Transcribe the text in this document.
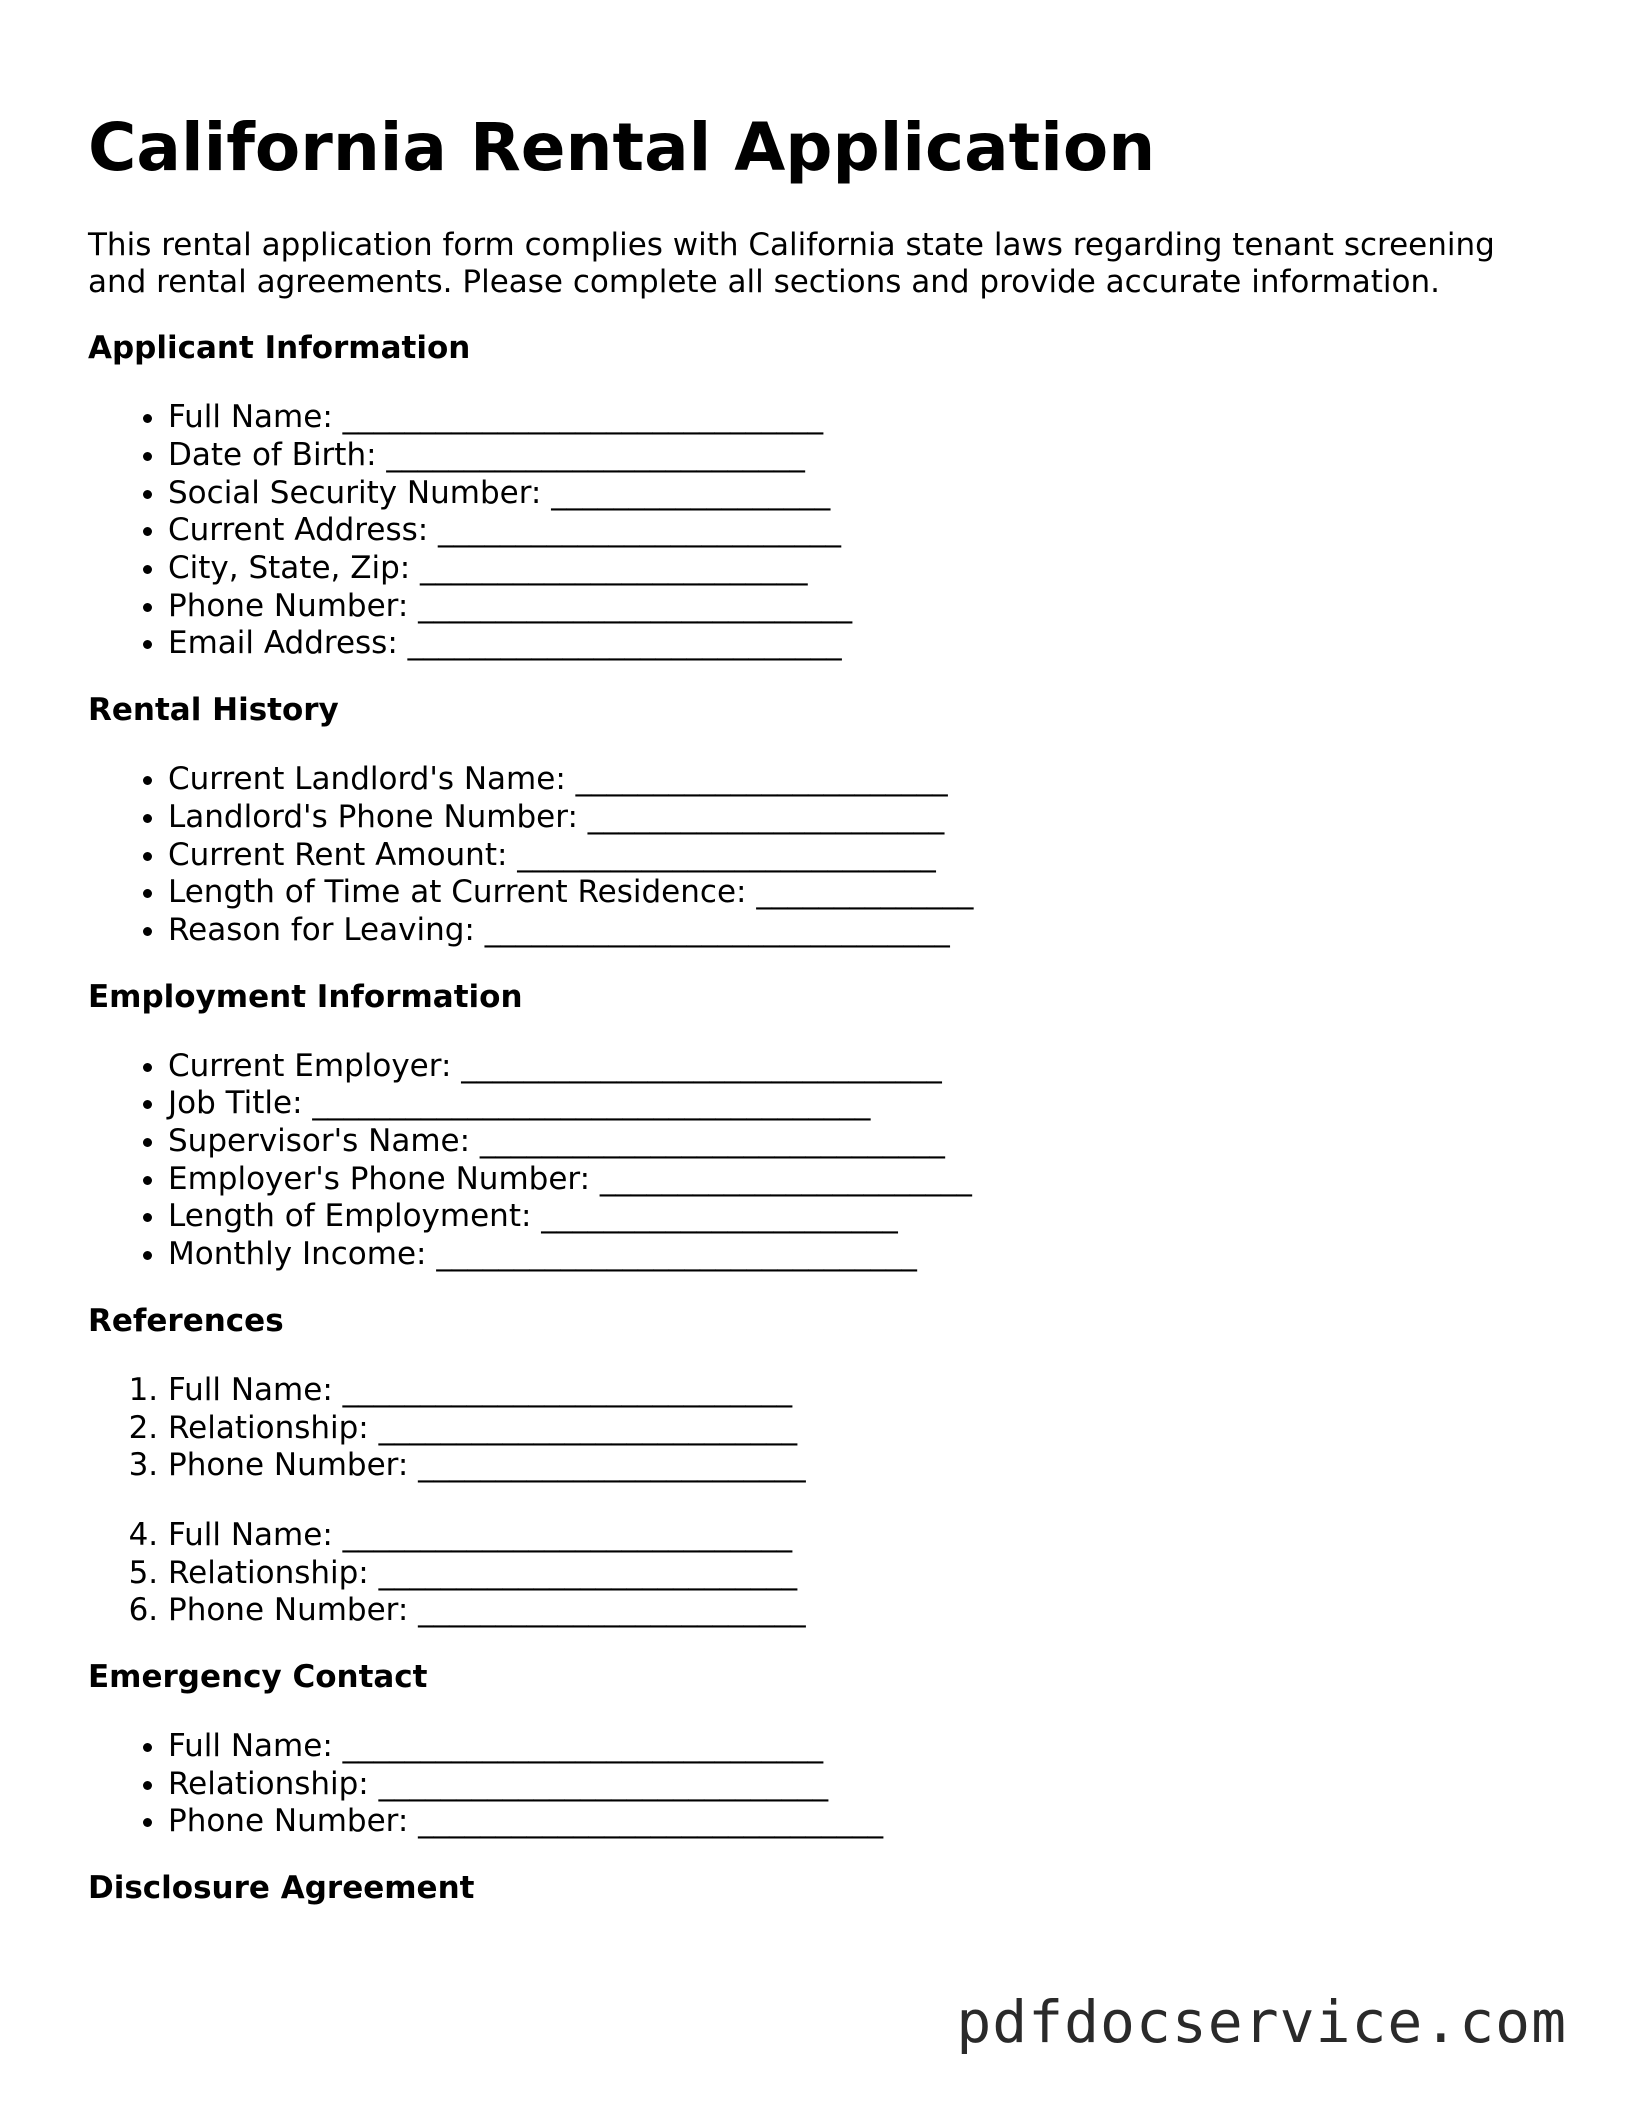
California Rental Application

This rental application form complies with California state laws regarding tenant screening and rental agreements. Please complete all sections and provide accurate information.

Applicant Information
• Full Name: _______________________________
• Date of Birth: ___________________________
• Social Security Number: __________________
• Current Address: __________________________
• City, State, Zip: _________________________
• Phone Number: ____________________________
• Email Address: ____________________________
Rental History
• Current Landlord's Name: ________________________
• Landlord's Phone Number: _______________________
• Current Rent Amount: ___________________________
• Length of Time at Current Residence: ______________
• Reason for Leaving: ______________________________
Employment Information
• Current Employer: _______________________________
• Job Title: ____________________________________
• Supervisor's Name: ______________________________
• Employer's Phone Number: ________________________
• Length of Employment: _______________________
• Monthly Income: _______________________________
References
1. Full Name: _____________________________
2. Relationship: ___________________________
3. Phone Number: _________________________
4. Full Name: _____________________________
5. Relationship: ___________________________
6. Phone Number: _________________________
Emergency Contact
• Full Name: _______________________________
• Relationship: _____________________________
• Phone Number: ______________________________
Disclosure Agreement
pdfdocservice.com
